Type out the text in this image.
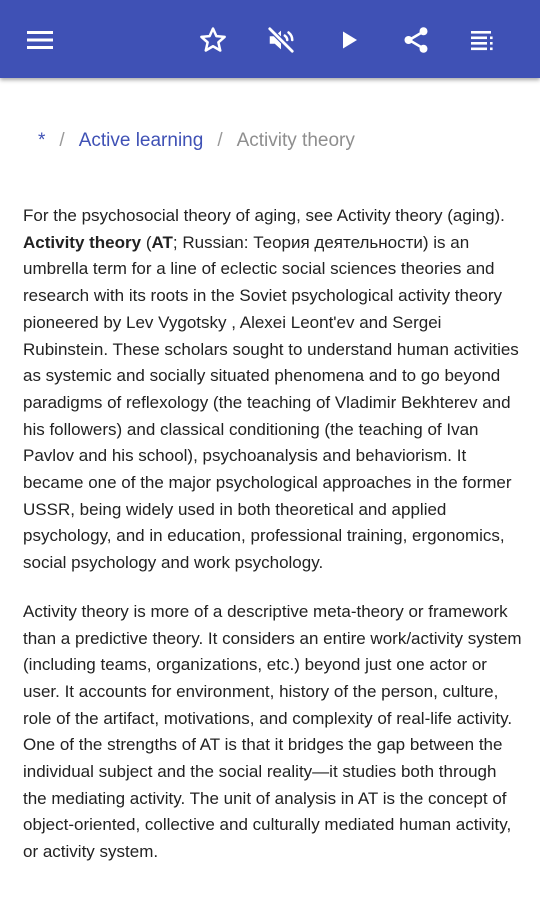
* / Active learning / Activity theory

For the psychosocial theory of aging, see Activity theory (aging).

Activity theory (AT; Russian: Теория деятельности) is an umbrella term for a line of eclectic social sciences theories and research with its roots in the Soviet psychological activity theory pioneered by Lev Vygotsky , Alexei Leont'ev and Sergei Rubinstein. These scholars sought to understand human activities as systemic and socially situated phenomena and to go beyond paradigms of reflexology (the teaching of Vladimir Bekhterev and his followers) and classical conditioning (the teaching of Ivan Pavlov and his school), psychoanalysis and behaviorism. It became one of the major psychological approaches in the former USSR, being widely used in both theoretical and applied psychology, and in education, professional training, ergonomics, social psychology and work psychology.

Activity theory is more of a descriptive meta-theory or framework than a predictive theory. It considers an entire work/activity system (including teams, organizations, etc.) beyond just one actor or user. It accounts for environment, history of the person, culture, role of the artifact, motivations, and complexity of real-life activity. One of the strengths of AT is that it bridges the gap between the individual subject and the social reality—it studies both through the mediating activity. The unit of analysis in AT is the concept of object-oriented, collective and culturally mediated human activity, or activity system.
